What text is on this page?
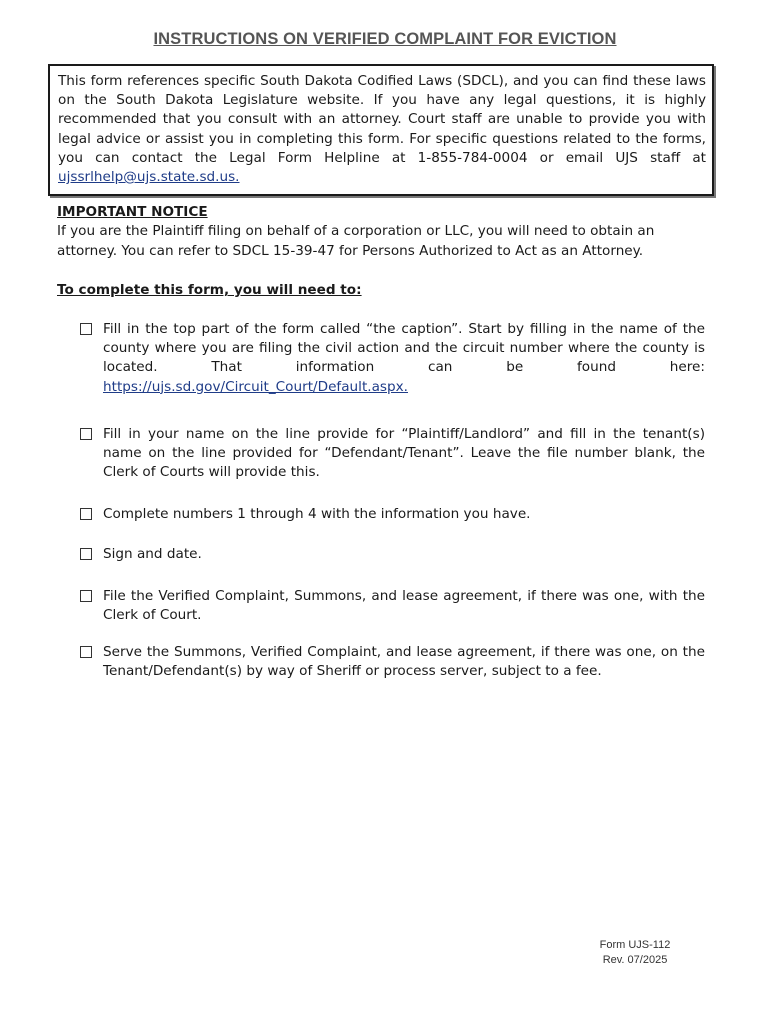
INSTRUCTIONS ON VERIFIED COMPLAINT FOR EVICTION
This form references specific South Dakota Codified Laws (SDCL), and you can find these laws on the South Dakota Legislature website. If you have any legal questions, it is highly recommended that you consult with an attorney. Court staff are unable to provide you with legal advice or assist you in completing this form. For specific questions related to the forms, you can contact the Legal Form Helpline at 1-855-784-0004 or email UJS staff at ujssrlhelp@ujs.state.sd.us.
IMPORTANT NOTICE
If you are the Plaintiff filing on behalf of a corporation or LLC, you will need to obtain an attorney. You can refer to SDCL 15-39-47 for Persons Authorized to Act as an Attorney.
To complete this form, you will need to:
Fill in the top part of the form called “the caption”. Start by filling in the name of the county where you are filing the civil action and the circuit number where the county is located. That information can be found here: https://ujs.sd.gov/Circuit_Court/Default.aspx.
Fill in your name on the line provide for “Plaintiff/Landlord” and fill in the tenant(s) name on the line provided for “Defendant/Tenant”. Leave the file number blank, the Clerk of Courts will provide this.
Complete numbers 1 through 4 with the information you have.
Sign and date.
File the Verified Complaint, Summons, and lease agreement, if there was one, with the Clerk of Court.
Serve the Summons, Verified Complaint, and lease agreement, if there was one, on the Tenant/Defendant(s) by way of Sheriff or process server, subject to a fee.
Form UJS-112
Rev. 07/2025
